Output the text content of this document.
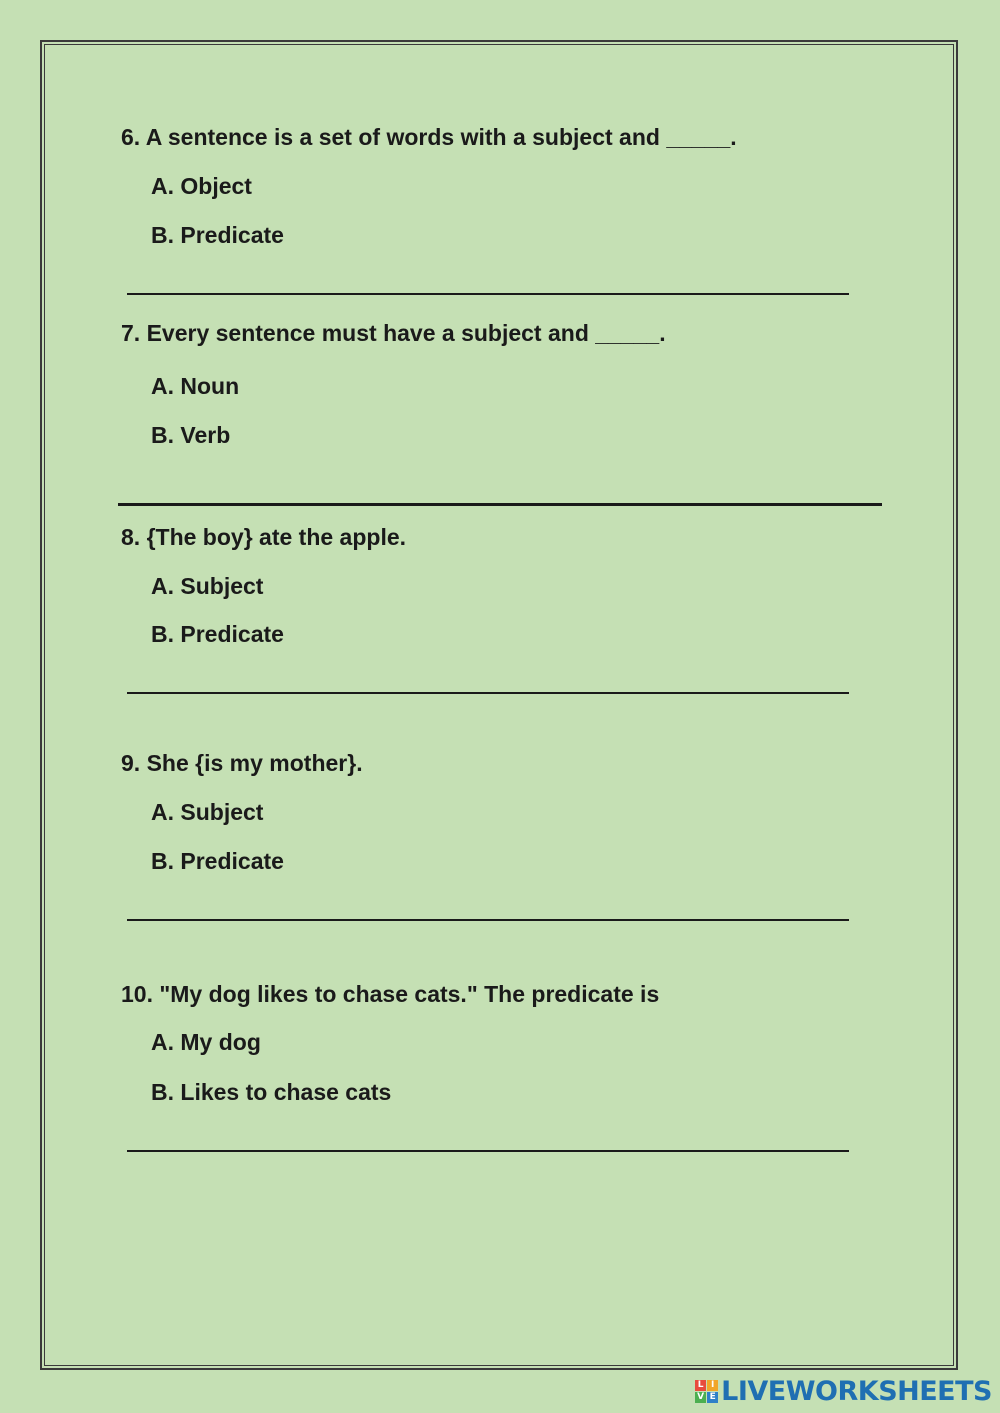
6. A sentence is a set of words with a subject and _____.
A. Object
B. Predicate
7. Every sentence must have a subject and _____.
A. Noun
B. Verb
8. {The boy} ate the apple.
A. Subject
B. Predicate
9. She {is my mother}.
A. Subject
B. Predicate
10. "My dog likes to chase cats." The predicate is
A. My dog
B. Likes to chase cats
L I
V E LIVEWORKSHEETS
